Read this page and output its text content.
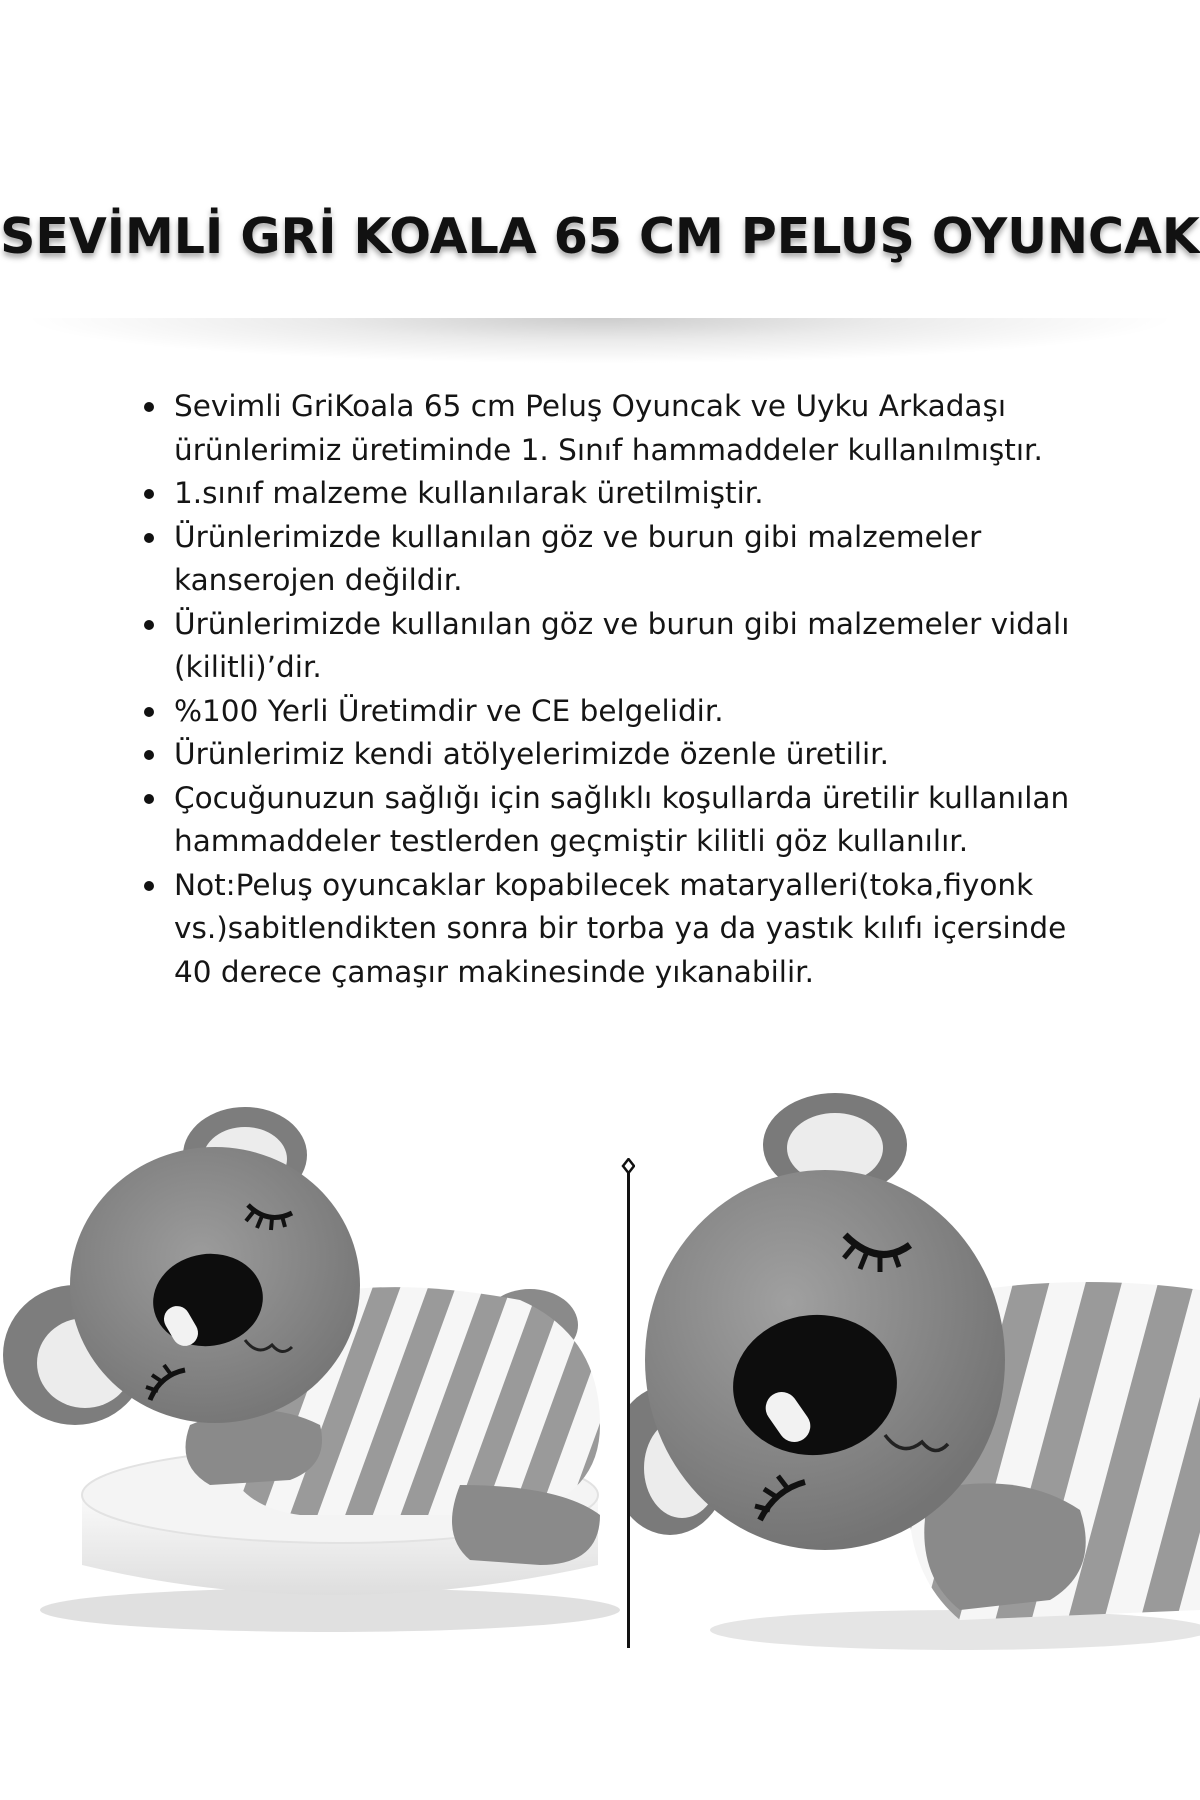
SEVİMLİ GRİ KOALA 65 CM PELUŞ OYUNCAK
Sevimli GriKoala 65 cm Peluş Oyuncak ve Uyku Arkadaşı ürünlerimiz üretiminde 1. Sınıf hammaddeler kullanılmıştır.
1.sınıf malzeme kullanılarak üretilmiştir.
Ürünlerimizde kullanılan göz ve burun gibi malzemeler kanserojen değildir.
Ürünlerimizde kullanılan göz ve burun gibi malzemeler vidalı (kilitli)’dir.
%100 Yerli Üretimdir ve CE belgelidir.
Ürünlerimiz kendi atölyelerimizde özenle üretilir.
Çocuğunuzun sağlığı için sağlıklı koşullarda üretilir kullanılan hammaddeler testlerden geçmiştir kilitli göz kullanılır.
Not:Peluş oyuncaklar kopabilecek mataryalleri(toka,fiyonk vs.)sabitlendikten sonra bir torba ya da yastık kılıfı içersinde 40 derece çamaşır makinesinde yıkanabilir.
